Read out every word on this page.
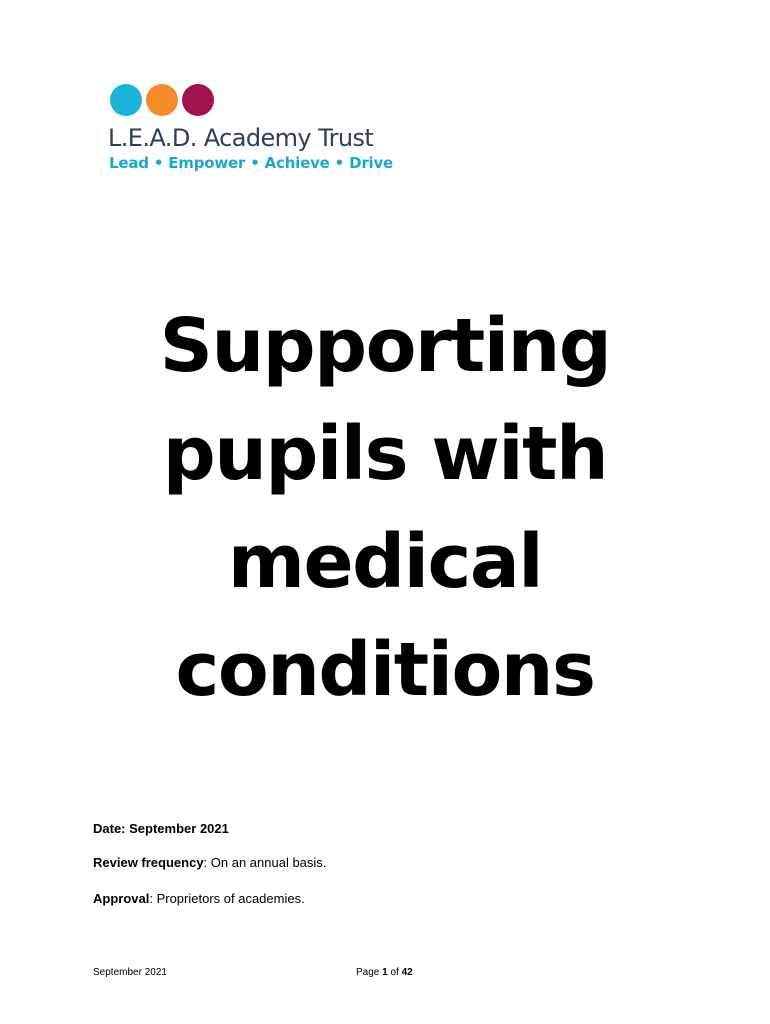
L.E.A.D. Academy Trust
Lead • Empower • Achieve • Drive
Supporting
pupils with
medical
conditions
Date: September 2021
Review frequency: On an annual basis.
Approval: Proprietors of academies.
September 2021	Page 1 of 42
